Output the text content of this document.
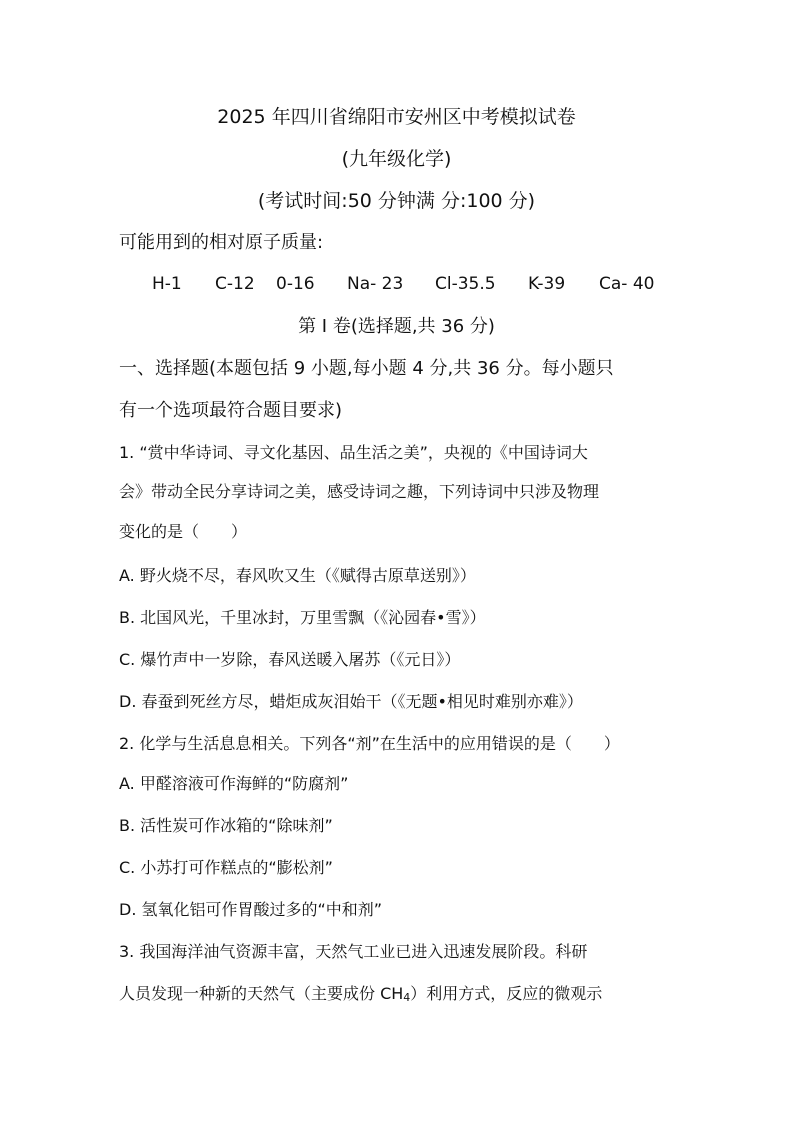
2025 年四川省绵阳市安州区中考模拟试卷
(九年级化学)
(考试时间:50 分钟满 分:100 分)
可能用到的相对原子质量:
H-1 C-12 0-16 Na- 23 Cl-35.5 K-39 Ca- 40
第 I 卷(选择题,共 36 分)
一、选择题(本题包括 9 小题,每小题 4 分,共 36 分。每小题只
有一个选项最符合题目要求)
1. “赏中华诗词、寻文化基因、品生活之美”，央视的《中国诗词大
会》带动全民分享诗词之美，感受诗词之趣，下列诗词中只涉及物理
变化的是（　　）
A. 野火烧不尽，春风吹又生（《赋得古原草送别》）
B. 北国风光，千里冰封，万里雪飘（《沁园春•雪》）
C. 爆竹声中一岁除，春风送暖入屠苏（《元日》）
D. 春蚕到死丝方尽，蜡炬成灰泪始干（《无题•相见时难别亦难》）
2. 化学与生活息息相关。下列各“剂”在生活中的应用错误的是（　　）
A. 甲醛溶液可作海鲜的“防腐剂”
B. 活性炭可作冰箱的“除味剂”
C. 小苏打可作糕点的“膨松剂”
D. 氢氧化铝可作胃酸过多的“中和剂”
3. 我国海洋油气资源丰富，天然气工业已进入迅速发展阶段。科研
人员发现一种新的天然气（主要成份 $CH_4$）利用方式，反应的微观示
